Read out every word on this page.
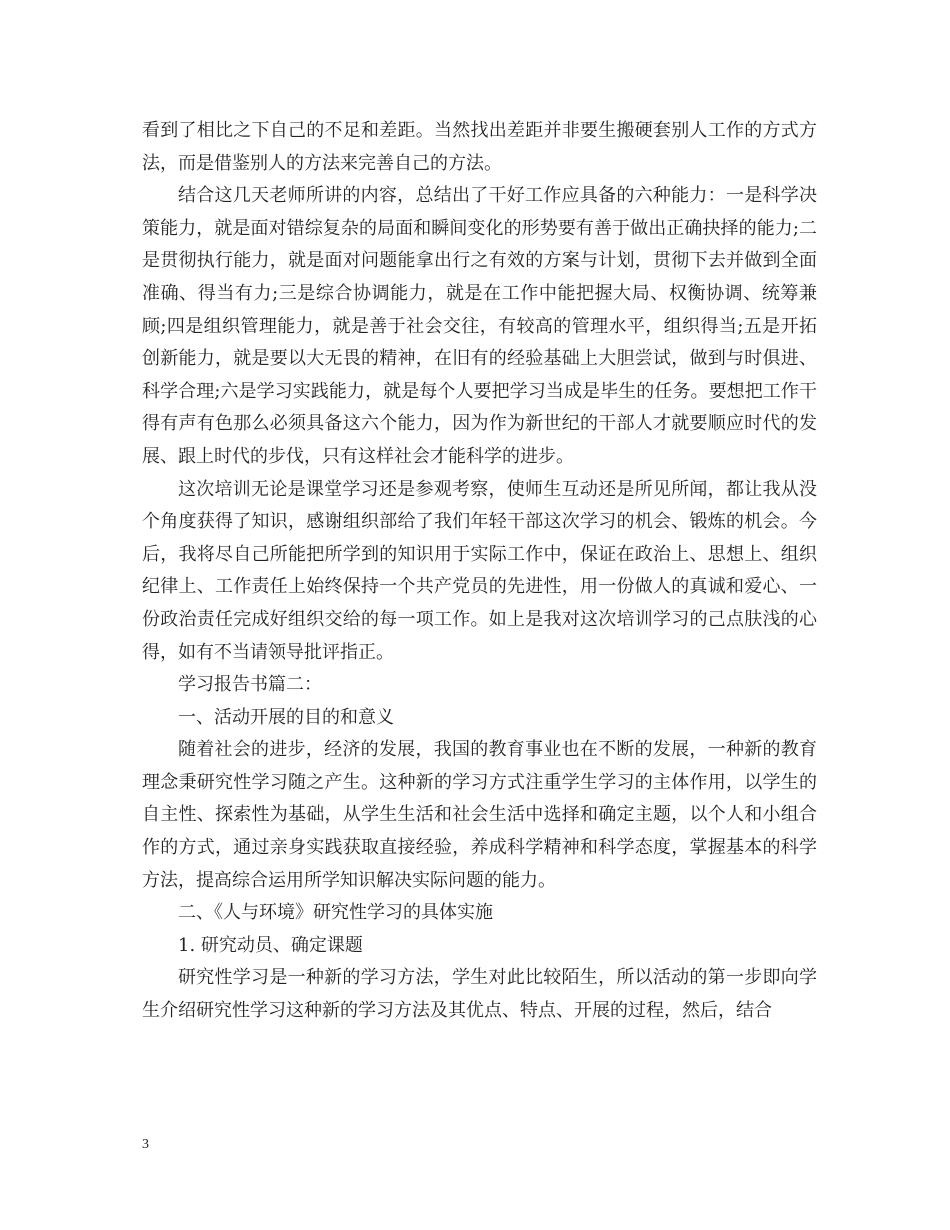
看到了相比之下自己的不足和差距。当然找出差距并非要生搬硬套别人工作的方式方法，而是借鉴别人的方法来完善自己的方法。

结合这几天老师所讲的内容，总结出了干好工作应具备的六种能力：一是科学决策能力，就是面对错综复杂的局面和瞬间变化的形势要有善于做出正确抉择的能力;二是贯彻执行能力，就是面对问题能拿出行之有效的方案与计划，贯彻下去并做到全面准确、得当有力;三是综合协调能力，就是在工作中能把握大局、权衡协调、统筹兼顾;四是组织管理能力，就是善于社会交往，有较高的管理水平，组织得当;五是开拓创新能力，就是要以大无畏的精神，在旧有的经验基础上大胆尝试，做到与时俱进、科学合理;六是学习实践能力，就是每个人要把学习当成是毕生的任务。要想把工作干得有声有色那么必须具备这六个能力，因为作为新世纪的干部人才就要顺应时代的发展、跟上时代的步伐，只有这样社会才能科学的进步。

这次培训无论是课堂学习还是参观考察，使师生互动还是所见所闻，都让我从没个角度获得了知识，感谢组织部给了我们年轻干部这次学习的机会、锻炼的机会。今后，我将尽自己所能把所学到的知识用于实际工作中，保证在政治上、思想上、组织纪律上、工作责任上始终保持一个共产党员的先进性，用一份做人的真诚和爱心、一份政治责任完成好组织交给的每一项工作。如上是我对这次培训学习的己点肤浅的心得，如有不当请领导批评指正。

学习报告书篇二：

一、活动开展的目的和意义

随着社会的进步，经济的发展，我国的教育事业也在不断的发展，一种新的教育理念秉研究性学习随之产生。这种新的学习方式注重学生学习的主体作用，以学生的自主性、探索性为基础，从学生生活和社会生活中选择和确定主题，以个人和小组合作的方式，通过亲身实践获取直接经验，养成科学精神和科学态度，掌握基本的科学方法，提高综合运用所学知识解决实际问题的能力。

二、《人与环境》研究性学习的具体实施

1. 研究动员、确定课题

研究性学习是一种新的学习方法，学生对此比较陌生，所以活动的第一步即向学生介绍研究性学习这种新的学习方法及其优点、特点、开展的过程，然后，结合

3
